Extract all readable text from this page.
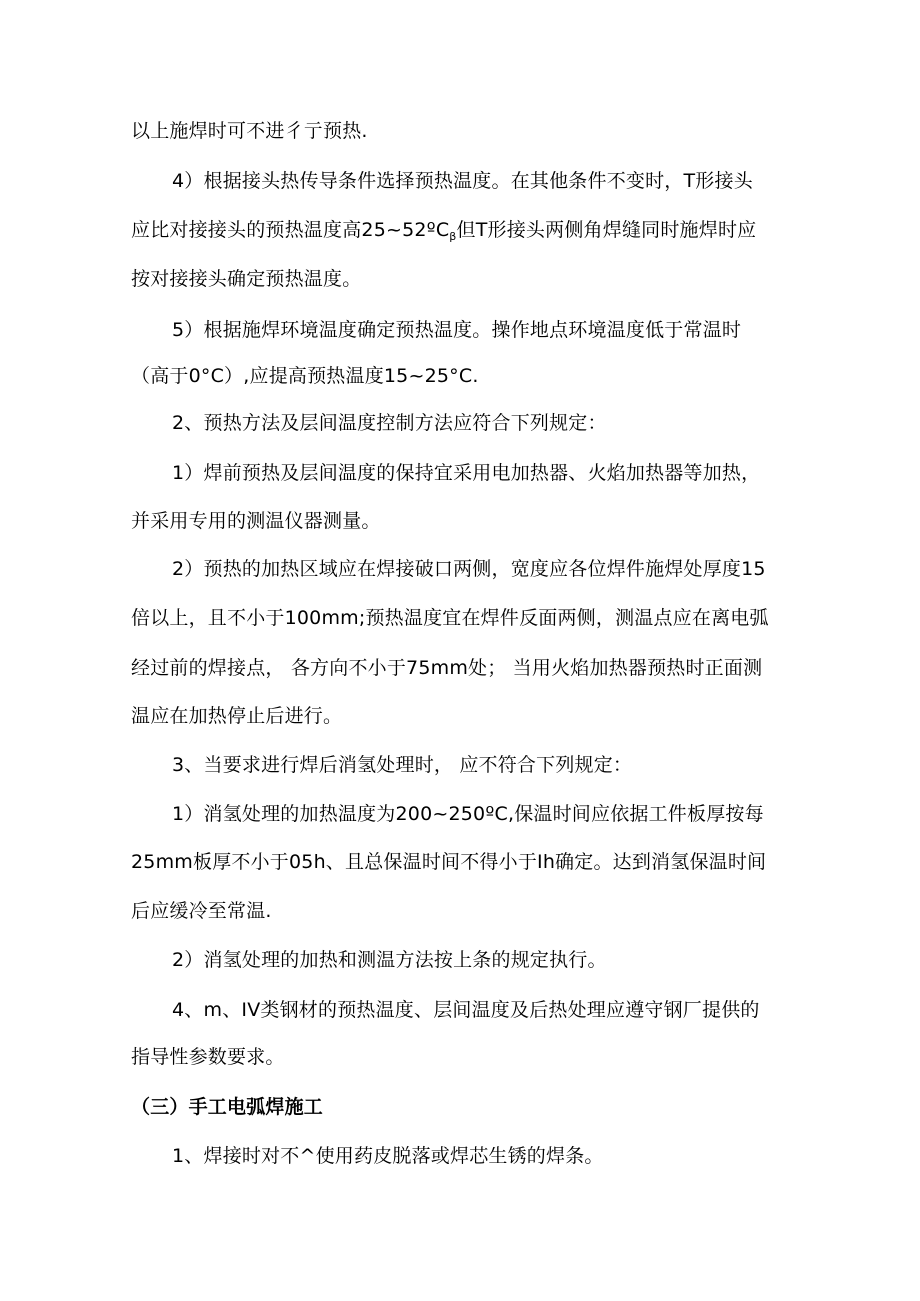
以上施焊时可不进彳亍预热.
4）根据接头热传导条件选择预热温度。在其他条件不变时，T形接头
应比对接接头的预热温度高25~52ºC$_\beta$但T形接头两侧角焊缝同时施焊时应
按对接接头确定预热温度。
5）根据施焊环境温度确定预热温度。操作地点环境温度低于常温时
（高于0°C）,应提高预热温度15~25°C.
2、预热方法及层间温度控制方法应符合下列规定：
1）焊前预热及层间温度的保持宜采用电加热器、火焰加热器等加热，
并采用专用的测温仪器测量。
2）预热的加热区域应在焊接破口两侧，宽度应各位焊件施焊处厚度15
倍以上，且不小于100mm;预热温度宜在焊件反面两侧，测温点应在离电弧
经过前的焊接点， 各方向不小于75mm处； 当用火焰加热器预热时正面测
温应在加热停止后进行。
3、当要求进行焊后消氢处理时， 应不符合下列规定：
1）消氢处理的加热温度为200~250ºC,保温时间应依据工件板厚按每
25mm板厚不小于05h、且总保温时间不得小于Ih确定。达到消氢保温时间
后应缓冷至常温.
2）消氢处理的加热和测温方法按上条的规定执行。
4、m、IV类钢材的预热温度、层间温度及后热处理应遵守钢厂提供的
指导性参数要求。
（三）手工电弧焊施工
1、焊接时对不^使用药皮脱落或焊芯生锈的焊条。
